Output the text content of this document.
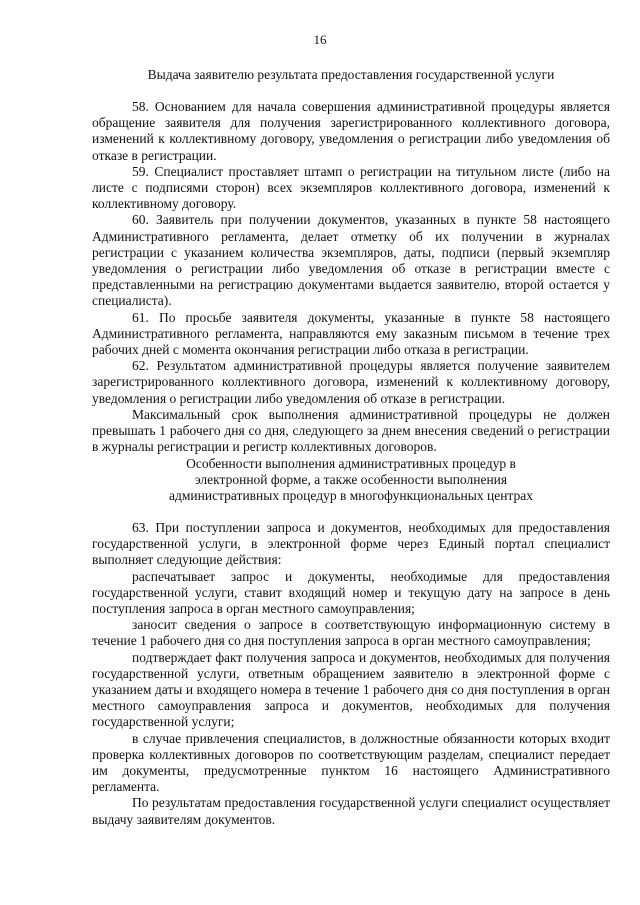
16
Выдача заявителю результата предоставления государственной услуги

58. Основанием для начала совершения административной процедуры является обращение заявителя для получения зарегистрированного коллективного договора, изменений к коллективному договору, уведомления о регистрации либо уведомления об отказе в регистрации.

59. Специалист проставляет штамп о регистрации на титульном листе (либо на листе с подписями сторон) всех экземпляров коллективного договора, изменений к коллективному договору.

60. Заявитель при получении документов, указанных в пункте 58 настоящего Административного регламента, делает отметку об их получении в журналах регистрации с указанием количества экземпляров, даты, подписи (первый экземпляр уведомления о регистрации либо уведомления об отказе в регистрации вместе с представленными на регистрацию документами выдается заявителю, второй остается у специалиста).

61. По просьбе заявителя документы, указанные в пункте 58 настоящего Административного регламента, направляются ему заказным письмом в течение трех рабочих дней с момента окончания регистрации либо отказа в регистрации.

62. Результатом административной процедуры является получение заявителем зарегистрированного коллективного договора, изменений к коллективному договору, уведомления о регистрации либо уведомления об отказе в регистрации.

Максимальный срок выполнения административной процедуры не должен превышать 1 рабочего дня со дня, следующего за днем внесения сведений о регистрации в журналы регистрации и регистр коллективных договоров.

Особенности выполнения административных процедур в
электронной форме, а также особенности выполнения
административных процедур в многофункциональных центрах

63. При поступлении запроса и документов, необходимых для предоставления государственной услуги, в электронной форме через Единый портал специалист выполняет следующие действия:

распечатывает запрос и документы, необходимые для предоставления государственной услуги, ставит входящий номер и текущую дату на запросе в день поступления запроса в орган местного самоуправления;

заносит сведения о запросе в соответствующую информационную систему в течение 1 рабочего дня со дня поступления запроса в орган местного самоуправления;

подтверждает факт получения запроса и документов, необходимых для получения государственной услуги, ответным обращением заявителю в электронной форме с указанием даты и входящего номера в течение 1 рабочего дня со дня поступления в орган местного самоуправления запроса и документов, необходимых для получения государственной услуги;

в случае привлечения специалистов, в должностные обязанности которых входит проверка коллективных договоров по соответствующим разделам, специалист передает им документы, предусмотренные пунктом 16 настоящего Административного регламента.

По результатам предоставления государственной услуги специалист осуществляет выдачу заявителям документов.
